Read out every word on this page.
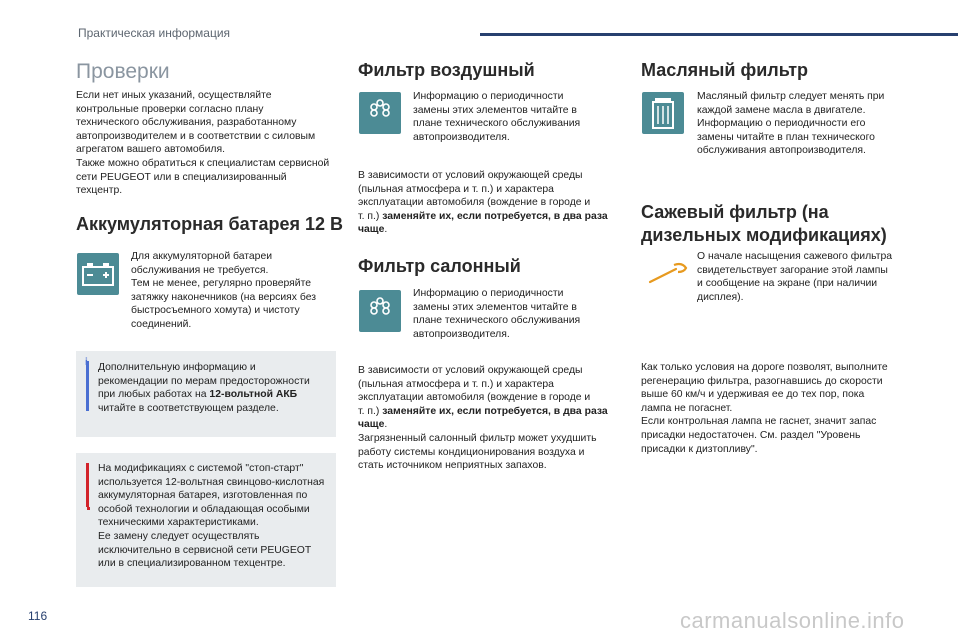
Практическая информация
Проверки
Если нет иных указаний, осуществляйте
контрольные проверки согласно плану
технического обслуживания, разработанному
автопроизводителем и в соответствии с силовым
агрегатом вашего автомобиля.
Также можно обратиться к специалистам сервисной
сети PEUGEOT или в специализированный
техцентр.
Аккумуляторная батарея 12 В
Для аккумуляторной батареи
обслуживания не требуется.
Тем не менее, регулярно проверяйте
затяжку наконечников (на версиях без
быстросъемного хомута) и чистоту
соединений.
i Дополнительную информацию и
рекомендации по мерам предосторожности
при любых работах на 12-вольтной АКБ
читайте в соответствующем разделе.
На модификациях с системой "стоп-старт"
используется 12-вольтная свинцово-кислотная
аккумуляторная батарея, изготовленная по
особой технологии и обладающая особыми
техническими характеристиками.
Ее замену следует осуществлять
исключительно в сервисной сети PEUGEOT
или в специализированном техцентре.
Фильтр воздушный
Информацию о периодичности
замены этих элементов читайте в
плане технического обслуживания
автопроизводителя.
В зависимости от условий окружающей среды
(пыльная атмосфера и т. п.) и характера
эксплуатации автомобиля (вождение в городе и
т. п.) заменяйте их, если потребуется, в два раза
чаще.
Фильтр салонный
Информацию о периодичности
замены этих элементов читайте в
плане технического обслуживания
автопроизводителя.
В зависимости от условий окружающей среды
(пыльная атмосфера и т. п.) и характера
эксплуатации автомобиля (вождение в городе и
т. п.) заменяйте их, если потребуется, в два раза
чаще.
Загрязненный салонный фильтр может ухудшить
работу системы кондиционирования воздуха и
стать источником неприятных запахов.
Масляный фильтр
Масляный фильтр следует менять при
каждой замене масла в двигателе.
Информацию о периодичности его
замены читайте в план технического
обслуживания автопроизводителя.
Сажевый фильтр (на
дизельных модификациях)
О начале насыщения сажевого фильтра
свидетельствует загорание этой лампы
и сообщение на экране (при наличии
дисплея).
Как только условия на дороге позволят, выполните
регенерацию фильтра, разогнавшись до скорости
выше 60 км/ч и удерживая ее до тех пор, пока
лампа не погаснет.
Если контрольная лампа не гаснет, значит запас
присадки недостаточен. См. раздел "Уровень
присадки к дизтопливу".
116	carmanualsonline.info
